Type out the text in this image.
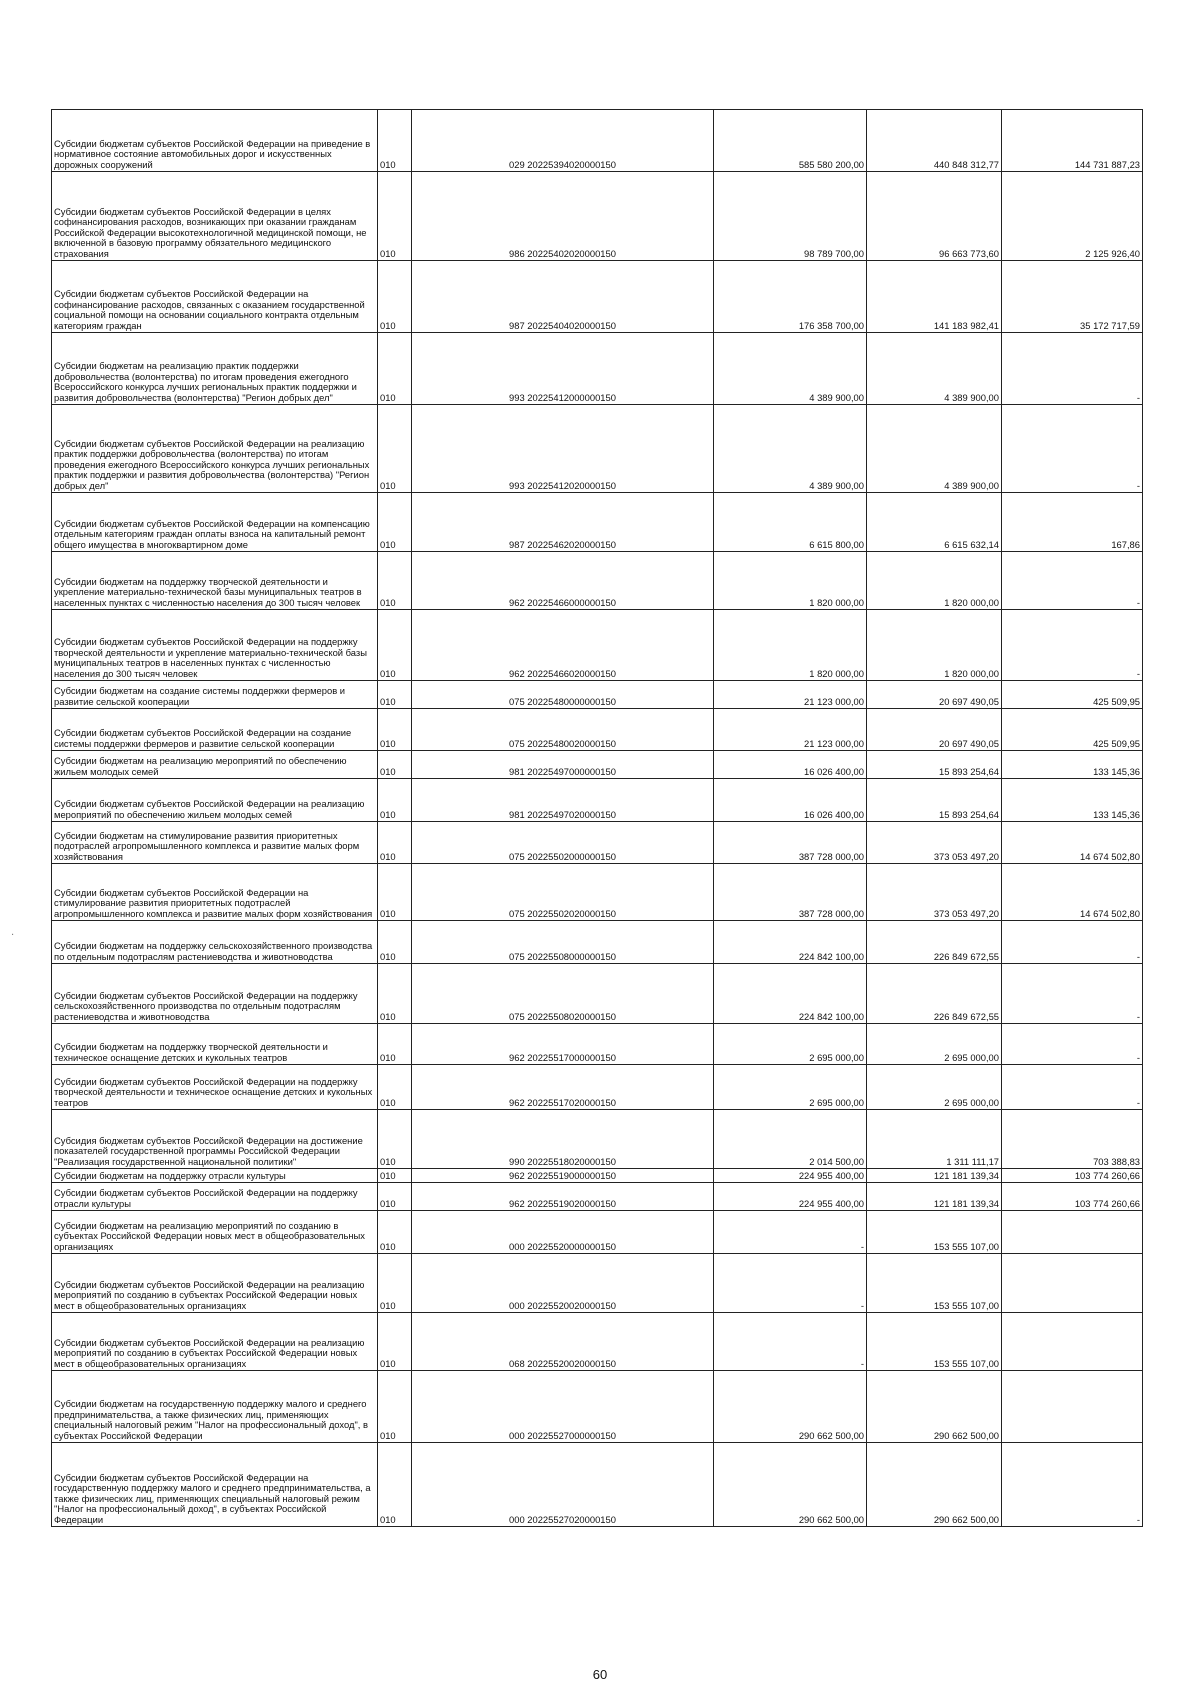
Субсидии бюджетам субъектов Российской Федерации на приведение в нормативное состояние автомобильных дорог и искусственных дорожных сооружений	010	029 20225394020000150	585 580 200,00	440 848 312,77	144 731 887,23
Субсидии бюджетам субъектов Российской Федерации в целях софинансирования расходов, возникающих при оказании гражданам Российской Федерации высокотехнологичной медицинской помощи, не включенной в базовую программу обязательного медицинского страхования	010	986 20225402020000150	98 789 700,00	96 663 773,60	2 125 926,40
Субсидии бюджетам субъектов Российской Федерации на софинансирование расходов, связанных с оказанием государственной социальной помощи на основании социального контракта отдельным категориям граждан	010	987 20225404020000150	176 358 700,00	141 183 982,41	35 172 717,59
Субсидии бюджетам на реализацию практик поддержки добровольчества (волонтерства) по итогам проведения ежегодного Всероссийского конкурса лучших региональных практик поддержки и развития добровольчества (волонтерства) "Регион добрых дел"	010	993 20225412000000150	4 389 900,00	4 389 900,00	-
Субсидии бюджетам субъектов Российской Федерации на реализацию практик поддержки добровольчества (волонтерства) по итогам проведения ежегодного Всероссийского конкурса лучших региональных практик поддержки и развития добровольчества (волонтерства) "Регион добрых дел"	010	993 20225412020000150	4 389 900,00	4 389 900,00	-
Субсидии бюджетам субъектов Российской Федерации на компенсацию отдельным категориям граждан оплаты взноса на капитальный ремонт общего имущества в многоквартирном доме	010	987 20225462020000150	6 615 800,00	6 615 632,14	167,86
Субсидии бюджетам на поддержку творческой деятельности и укрепление материально-технической базы муниципальных театров в населенных пунктах с численностью населения до 300 тысяч человек	010	962 20225466000000150	1 820 000,00	1 820 000,00	-
Субсидии бюджетам субъектов Российской Федерации на поддержку творческой деятельности и укрепление материально-технической базы муниципальных театров в населенных пунктах с численностью населения до 300 тысяч человек	010	962 20225466020000150	1 820 000,00	1 820 000,00	-
Субсидии бюджетам на создание системы поддержки фермеров и развитие сельской кооперации	010	075 20225480000000150	21 123 000,00	20 697 490,05	425 509,95
Субсидии бюджетам субъектов Российской Федерации на создание системы поддержки фермеров и развитие сельской кооперации	010	075 20225480020000150	21 123 000,00	20 697 490,05	425 509,95
Субсидии бюджетам на реализацию мероприятий по обеспечению жильем молодых семей	010	981 20225497000000150	16 026 400,00	15 893 254,64	133 145,36
Субсидии бюджетам субъектов Российской Федерации на реализацию мероприятий по обеспечению жильем молодых семей	010	981 20225497020000150	16 026 400,00	15 893 254,64	133 145,36
Субсидии бюджетам на стимулирование развития приоритетных подотраслей агропромышленного комплекса и развитие малых форм хозяйствования	010	075 20225502000000150	387 728 000,00	373 053 497,20	14 674 502,80
Субсидии бюджетам субъектов Российской Федерации на стимулирование развития приоритетных подотраслей агропромышленного комплекса и развитие малых форм хозяйствования	010	075 20225502020000150	387 728 000,00	373 053 497,20	14 674 502,80
Субсидии бюджетам на поддержку сельскохозяйственного производства по отдельным подотраслям растениеводства и животноводства	010	075 20225508000000150	224 842 100,00	226 849 672,55	-
Субсидии бюджетам субъектов Российской Федерации на поддержку сельскохозяйственного производства по отдельным подотраслям растениеводства и животноводства	010	075 20225508020000150	224 842 100,00	226 849 672,55	-
Субсидии бюджетам на поддержку творческой деятельности и техническое оснащение детских и кукольных театров	010	962 20225517000000150	2 695 000,00	2 695 000,00	-
Субсидии бюджетам субъектов Российской Федерации на поддержку творческой деятельности и техническое оснащение детских и кукольных театров	010	962 20225517020000150	2 695 000,00	2 695 000,00	-
Субсидия бюджетам субъектов Российской Федерации на достижение показателей государственной программы Российской Федерации "Реализация государственной национальной политики"	010	990 20225518020000150	2 014 500,00	1 311 111,17	703 388,83
Субсидии бюджетам на поддержку отрасли культуры	010	962 20225519000000150	224 955 400,00	121 181 139,34	103 774 260,66
Субсидии бюджетам субъектов Российской Федерации на поддержку отрасли культуры	010	962 20225519020000150	224 955 400,00	121 181 139,34	103 774 260,66
Субсидии бюджетам на реализацию мероприятий по созданию в субъектах Российской Федерации новых мест в общеобразовательных организациях	010	000 20225520000000150	-	153 555 107,00	
Субсидии бюджетам субъектов Российской Федерации на реализацию мероприятий по созданию в субъектах Российской Федерации новых мест в общеобразовательных организациях	010	000 20225520020000150	-	153 555 107,00	
Субсидии бюджетам субъектов Российской Федерации на реализацию мероприятий по созданию в субъектах Российской Федерации новых мест в общеобразовательных организациях	010	068 20225520020000150	-	153 555 107,00	
Субсидии бюджетам на государственную поддержку малого и среднего предпринимательства, а также физических лиц, применяющих специальный налоговый режим "Налог на профессиональный доход", в субъектах Российской Федерации	010	000 20225527000000150	290 662 500,00	290 662 500,00	
Субсидии бюджетам субъектов Российской Федерации на государственную поддержку малого и среднего предпринимательства, а также физических лиц, применяющих специальный налоговый режим "Налог на профессиональный доход", в субъектах Российской Федерации	010	000 20225527020000150	290 662 500,00	290 662 500,00	-
60
·
